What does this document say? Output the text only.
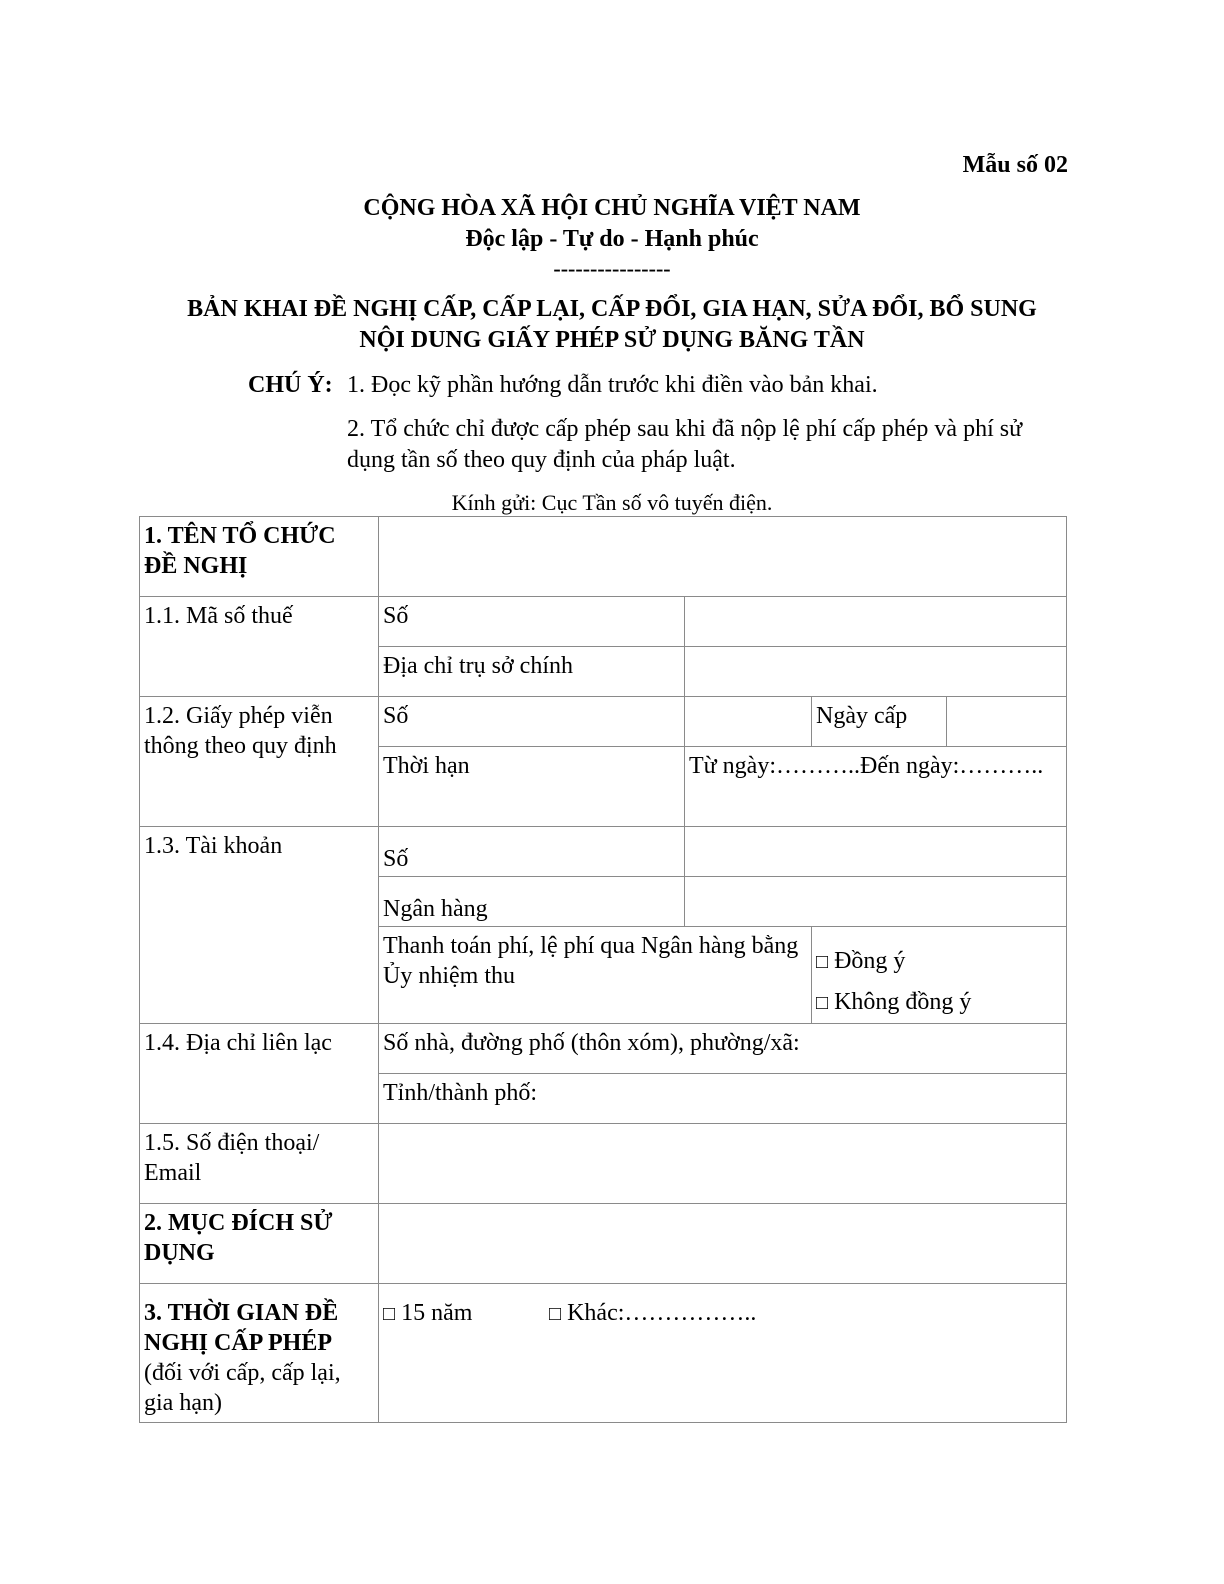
Mẫu số 02
CỘNG HÒA XÃ HỘI CHỦ NGHĨA VIỆT NAM
Độc lập - Tự do - Hạnh phúc
----------------
BẢN KHAI ĐỀ NGHỊ CẤP, CẤP LẠI, CẤP ĐỔI, GIA HẠN, SỬA ĐỔI, BỔ SUNG
NỘI DUNG GIẤY PHÉP SỬ DỤNG BĂNG TẦN
CHÚ Ý: 1. Đọc kỹ phần hướng dẫn trước khi điền vào bản khai.
2. Tổ chức chỉ được cấp phép sau khi đã nộp lệ phí cấp phép và phí sử dụng tần số theo quy định của pháp luật.
Kính gửi: Cục Tần số vô tuyến điện.
1. TÊN TỔ CHỨC ĐỀ NGHỊ				
1.1. Mã số thuế	Số			
	Địa chỉ trụ sở chính			
1.2. Giấy phép viễn thông theo quy định	Số		Ngày cấp	
	Thời hạn	Từ ngày:………..Đến ngày:………..		
1.3. Tài khoản	Số			
	Ngân hàng			
	Thanh toán phí, lệ phí qua Ngân hàng bằng Ủy nhiệm thu		□ Đồng ý
□ Không đồng ý	

1.4. Địa chỉ liên lạc	Số nhà, đường phố (thôn xóm), phường/xã:			
	Tỉnh/thành phố:			
1.5. Số điện thoại/ Email				
2. MỤC ĐÍCH SỬ DỤNG				
3. THỜI GIAN ĐỀ NGHỊ CẤP PHÉP
(đối với cấp, cấp lại, gia hạn)	□ 15 năm □ Khác:……………..			
